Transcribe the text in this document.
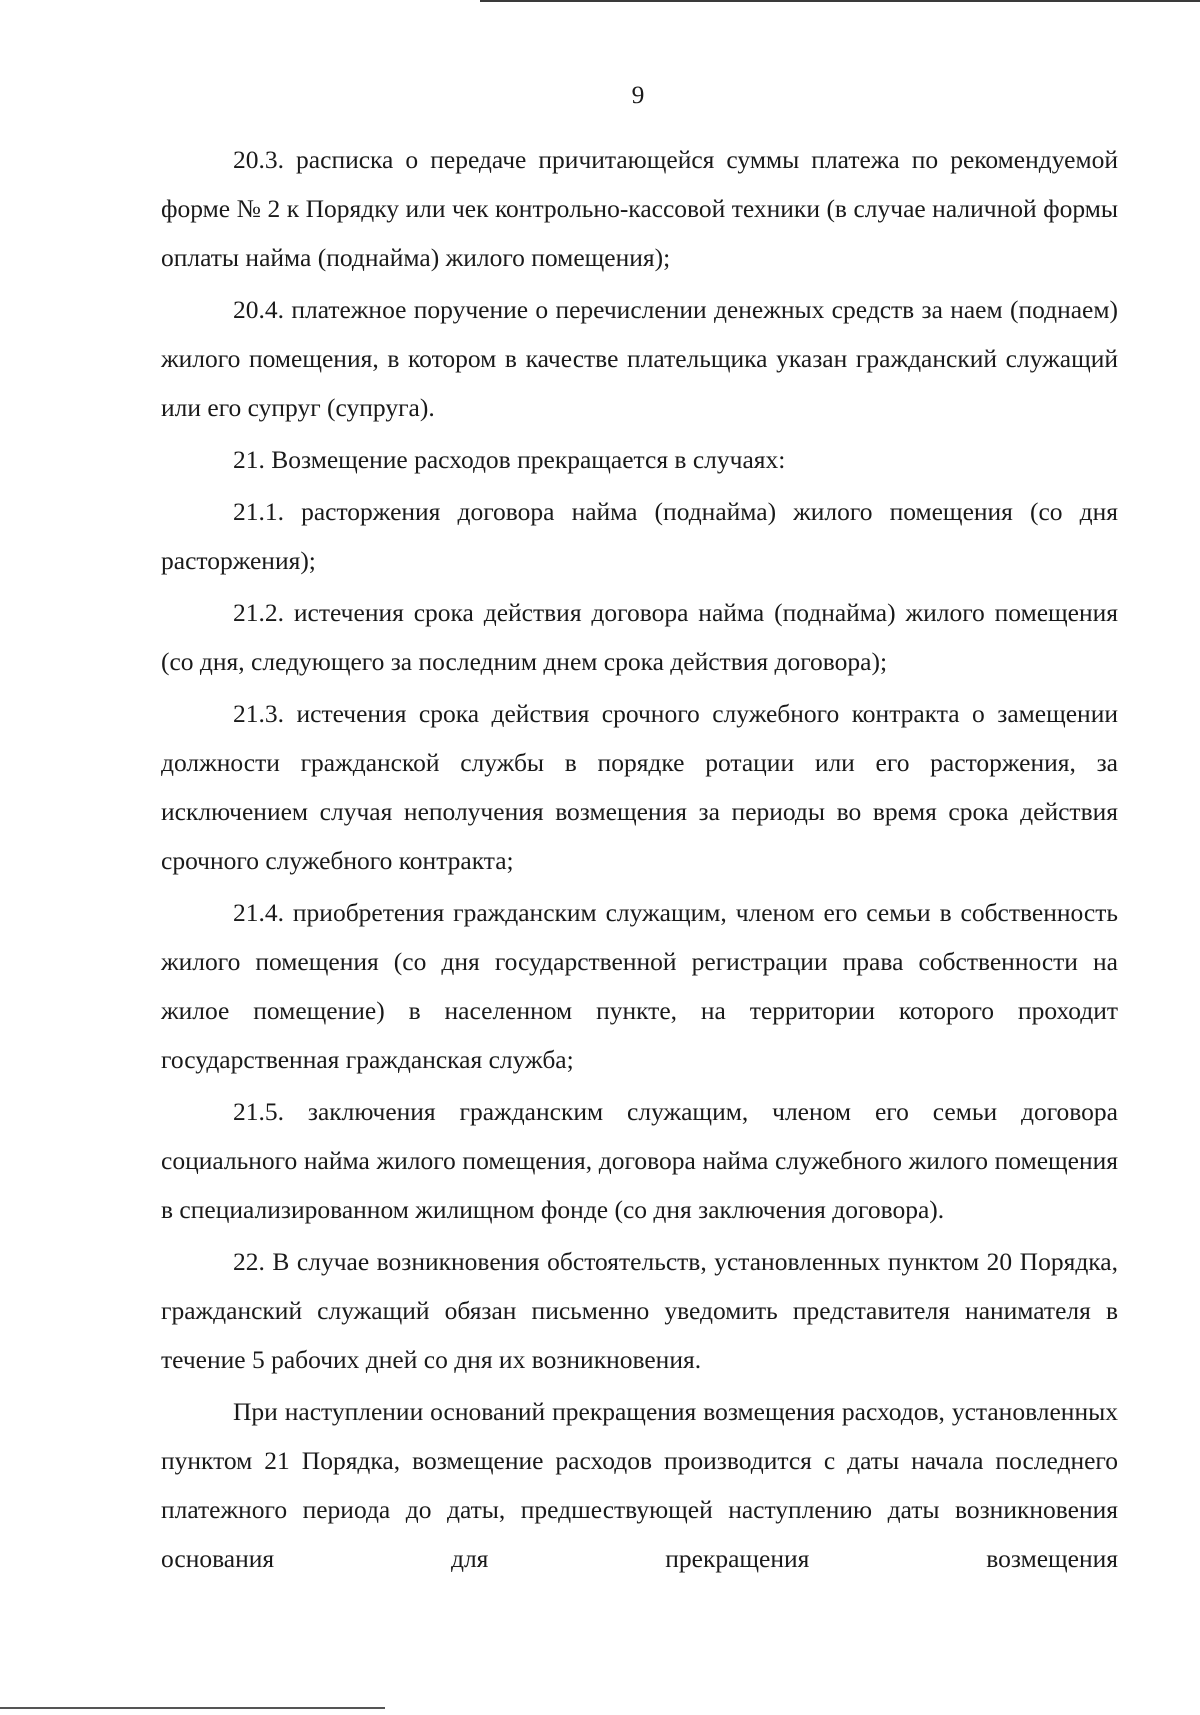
9

20.3. расписка о передаче причитающейся суммы платежа по рекомендуемой форме № 2 к Порядку или чек контрольно-кассовой техники (в случае наличной формы оплаты найма (поднайма) жилого помещения);

20.4. платежное поручение о перечислении денежных средств за наем (поднаем) жилого помещения, в котором в качестве плательщика указан гражданский служащий или его супруг (супруга).

21. Возмещение расходов прекращается в случаях:

21.1. расторжения договора найма (поднайма) жилого помещения (со дня расторжения);

21.2. истечения срока действия договора найма (поднайма) жилого помещения (со дня, следующего за последним днем срока действия договора);

21.3. истечения срока действия срочного служебного контракта о замещении должности гражданской службы в порядке ротации или его расторжения, за исключением случая неполучения возмещения за периоды во время срока действия срочного служебного контракта;

21.4. приобретения гражданским служащим, членом его семьи в собственность жилого помещения (со дня государственной регистрации права собственности на жилое помещение) в населенном пункте, на территории которого проходит государственная гражданская служба;

21.5. заключения гражданским служащим, членом его семьи договора социального найма жилого помещения, договора найма служебного жилого помещения в специализированном жилищном фонде (со дня заключения договора).

22. В случае возникновения обстоятельств, установленных пунктом 20 Порядка, гражданский служащий обязан письменно уведомить представителя нанимателя в течение 5 рабочих дней со дня их возникновения.

При наступлении оснований прекращения возмещения расходов, установленных пунктом 21 Порядка, возмещение расходов производится с даты начала последнего платежного периода до даты, предшествующей наступлению даты возникновения основания для прекращения возмещения
